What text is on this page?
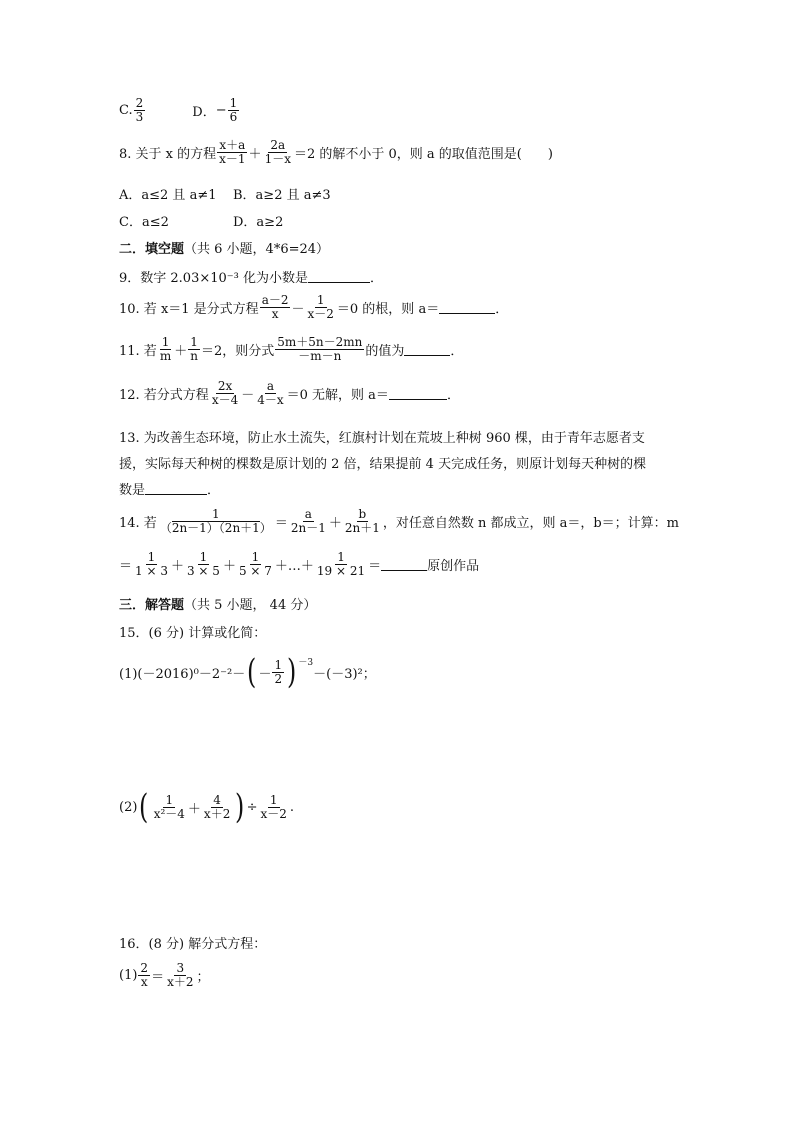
C. $\frac{2}{3}$	D． − $\frac{1}{6}$
8. 关于 x 的方程 $\frac{x+a}{x-1} + \frac{2a}{1-x} =2$ 的解不小于 0，则 a 的取值范围是(　　)
A．a≤2 且 a≠1	B．a≥2 且 a≠3
C．a≤2	D．a≥2
二．填空题 （共 6 小题，4*6=24）
9．数字 2.03×10⁻³ 化为小数是	．
10. 若 x＝1 是分式方程 $\frac{a-2}{x} - \frac{1}{x-2} =0$ 的根，则 a＝	．
11. 若 $\frac{1}{m} + \frac{1}{n} =2$，则分式 $\frac{5m+5n-2mn}{-m-n}$ 的值为	．
12. 若分式方程 $\frac{2x}{x-4} - \frac{a}{4-x} =0$ 无解，则 a＝	．
13. 为改善生态环境，防止水土流失，红旗村计划在荒坡上种树 960 棵，由于青年志愿者支
援，实际每天种树的棵数是原计划的 2 倍，结果提前 4 天完成任务，则原计划每天种树的棵
数是	．
14. 若 $\frac{1}{(2n-1)(2n+1)} = \frac{a}{2n-1} + \frac{b}{2n+1}$ ，对任意自然数 n 都成立，则 a＝，b＝；计算：m
＝ $\frac{1}{1 \times 3} + \frac{1}{3 \times 5} + \frac{1}{5 \times 7}$ ＋…＋ $\frac{1}{19 \times 21}$ ＝	原创作品
三．解答题 （共 5 小题， 44 分）
15．(6 分) 计算或化简：
(1)(－2016)⁰－2⁻²－ ( － $\frac{1}{2}$ ) －3
－(－3)²；
(2) ( $\frac{1}{\text{x²－4}} + \frac{4}{x+2}$ ) ÷ $\frac{1}{x-2}$ .
16．(8 分) 解分式方程：
$(1) \frac{2}{x} = \frac{3}{x+2}$ ；
